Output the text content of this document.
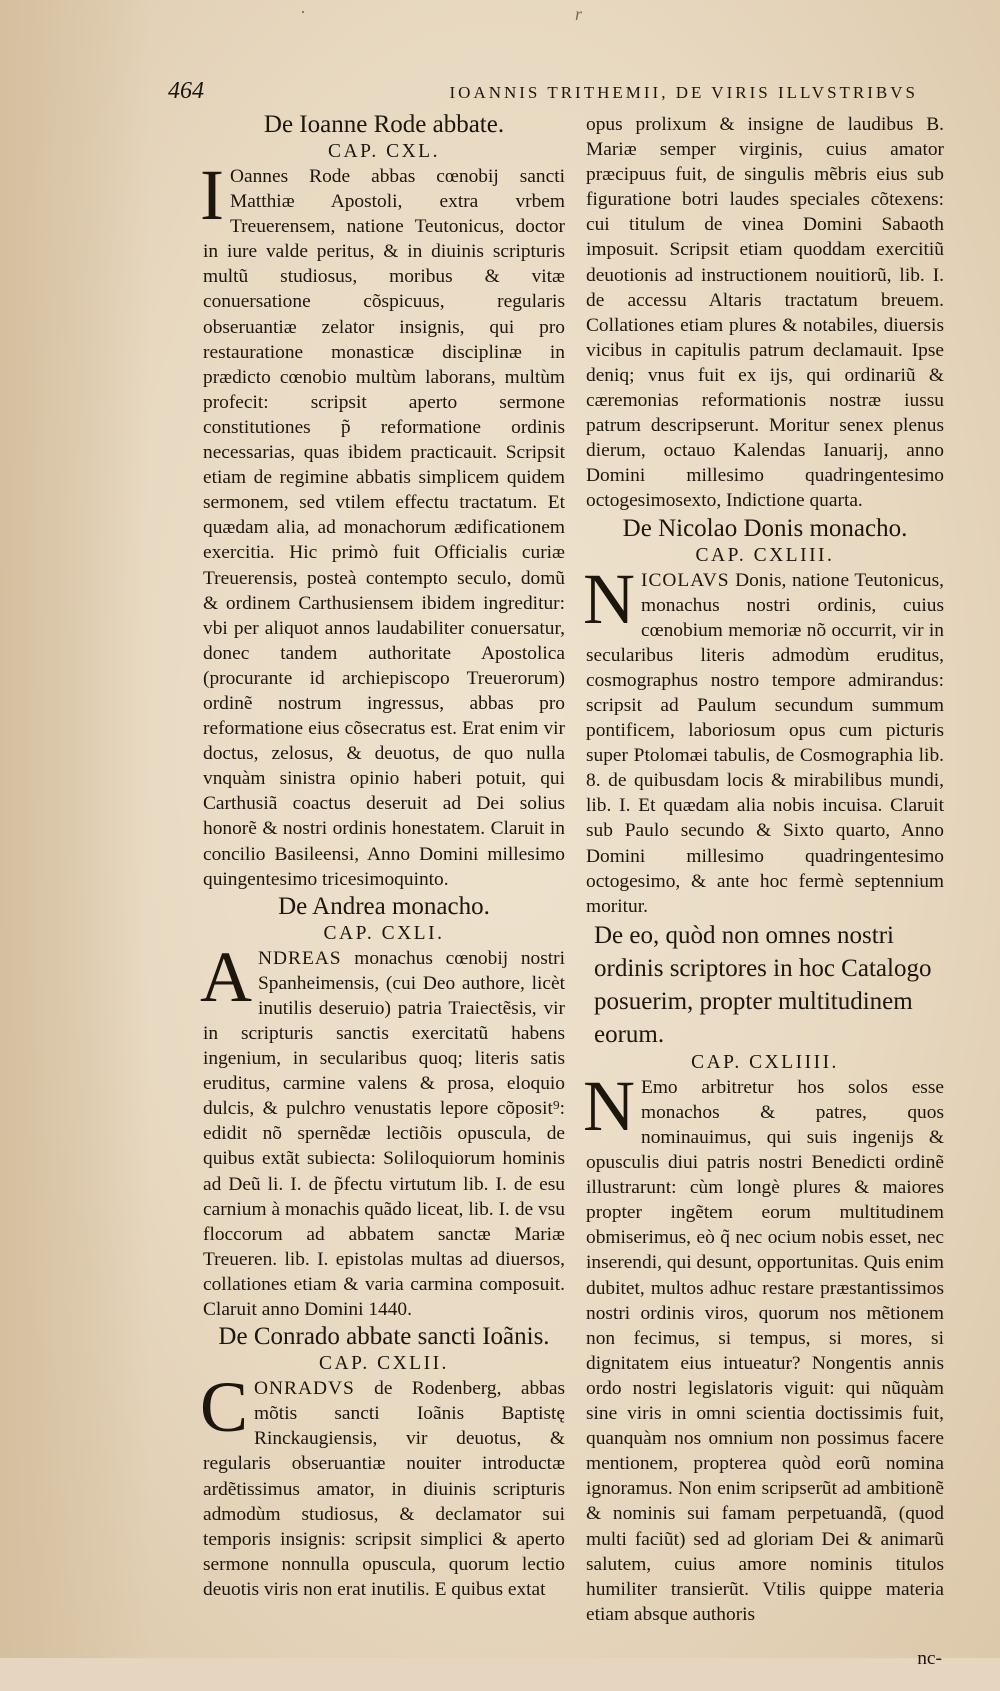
·	r
464	IOANNIS TRITHEMII, DE VIRIS ILLVSTRIBVS
De Ioanne Rode abbate.

CAP. CXL.

I Oannes Rode abbas cœnobij sancti Matthiæ Apostoli, extra vrbem Treuerensem, natione Teutonicus, doctor in iure valde peritus, & in diuinis scripturis multũ studiosus, moribus & vitæ conuersatione cõspicuus, regularis obseruantiæ zelator insignis, qui pro restauratione monasticæ disciplinæ in prædicto cœnobio multùm laborans, multùm profecit: scripsit aperto sermone constitutiones p̃ reformatione ordinis necessarias, quas ibidem practicauit. Scripsit etiam de regimine abbatis simplicem quidem sermonem, sed vtilem effectu tractatum. Et quædam alia, ad monachorum ædificationem exercitia. Hic primò fuit Officialis curiæ Treuerensis, posteà contempto seculo, domũ & ordinem Carthusiensem ibidem ingreditur: vbi per aliquot annos laudabiliter conuersatur, donec tandem authoritate Apostolica (procurante id archiepiscopo Treuerorum) ordinẽ nostrum ingressus, abbas pro reformatione eius cõsecratus est. Erat enim vir doctus, zelosus, & deuotus, de quo nulla vnquàm sinistra opinio haberi potuit, qui Carthusiã coactus deseruit ad Dei solius honorẽ & nostri ordinis honestatem. Claruit in concilio Basileensi, Anno Domini millesimo quingentesimo tricesimoquinto.

De Andrea monacho.

CAP. CXLI.

ANDREAS monachus cœnobij nostri Spanheimensis, (cui Deo authore, licèt inutilis deseruio) patria Traiectẽsis, vir in scripturis sanctis exercitatũ habens ingenium, in secularibus quoq; literis satis eruditus, carmine valens & prosa, eloquio dulcis, & pulchro venustatis lepore cõposit⁹: edidit nõ spernẽdæ lectiõis opuscula, de quibus extãt subiecta: Soliloquiorum hominis ad Deũ li. I. de p̃fectu virtutum lib. I. de esu carnium à monachis quãdo liceat, lib. I. de vsu floccorum ad abbatem sanctæ Mariæ Treueren. lib. I. epistolas multas ad diuersos, collationes etiam & varia carmina composuit. Claruit anno Domini 1440.

De Conrado abbate sancti Ioãnis.

CAP. CXLII.

CONRADVS de Rodenberg, abbas mõtis sancti Ioãnis Baptistę Rinckaugiensis, vir deuotus, & regularis obseruantiæ nouiter introductæ ardẽtissimus amator, in diuinis scripturis admodùm studiosus, & declamator sui temporis insignis: scripsit simplici & aperto sermone nonnulla opuscula, quorum lectio deuotis viris non erat inutilis. E quibus extat

opus prolixum & insigne de laudibus B. Mariæ semper virginis, cuius amator præcipuus fuit, de singulis mẽbris eius sub figuratione botri laudes speciales cõtexens: cui titulum de vinea Domini Sabaoth imposuit. Scripsit etiam quoddam exercitiũ deuotionis ad instructionem nouitiorũ, lib. I. de accessu Altaris tractatum breuem. Collationes etiam plures & notabiles, diuersis vicibus in capitulis patrum declamauit. Ipse deniq; vnus fuit ex ijs, qui ordinariũ & cæremonias reformationis nostræ iussu patrum descripserunt. Moritur senex plenus dierum, octauo Kalendas Ianuarij, anno Domini millesimo quadringentesimo octogesimosexto, Indictione quarta.

De Nicolao Donis monacho.

CAP. CXLIII.

NICOLAVS Donis, natione Teutonicus, monachus nostri ordinis, cuius cœnobium memoriæ nõ occurrit, vir in secularibus literis admodùm eruditus, cosmographus nostro tempore admirandus: scripsit ad Paulum secundum summum pontificem, laboriosum opus cum picturis super Ptolomæi tabulis, de Cosmographia lib. 8. de quibusdam locis & mirabilibus mundi, lib. I. Et quædam alia nobis incuisa. Claruit sub Paulo secundo & Sixto quarto, Anno Domini millesimo quadringentesimo octogesimo, & ante hoc fermè septennium moritur.

De eo, quòd non omnes nostri ordinis scriptores in hoc Catalogo posuerim, propter multitudinem eorum.

CAP. CXLIIII.

N Emo arbitretur hos solos esse monachos & patres, quos nominauimus, qui suis ingenijs & opusculis diui patris nostri Benedicti ordinẽ illustrarunt: cùm longè plures & maiores propter ingẽtem eorum multitudinem obmiserimus, eò q̃ nec ocium nobis esset, nec inserendi, qui desunt, opportunitas. Quis enim dubitet, multos adhuc restare præstantissimos nostri ordinis viros, quorum nos mẽtionem non fecimus, si tempus, si mores, si dignitatem eius intueatur? Nongentis annis ordo nostri legislatoris viguit: qui nũquàm sine viris in omni scientia doctissimis fuit, quanquàm nos omnium non possimus facere mentionem, propterea quòd eorũ nomina ignoramus. Non enim scripserũt ad ambitionẽ & nominis sui famam perpetuandã, (quod multi faciũt) sed ad gloriam Dei & animarũ salutem, cuius amore nominis titulos humiliter transierũt. Vtilis quippe materia etiam absque authoris

nc-
